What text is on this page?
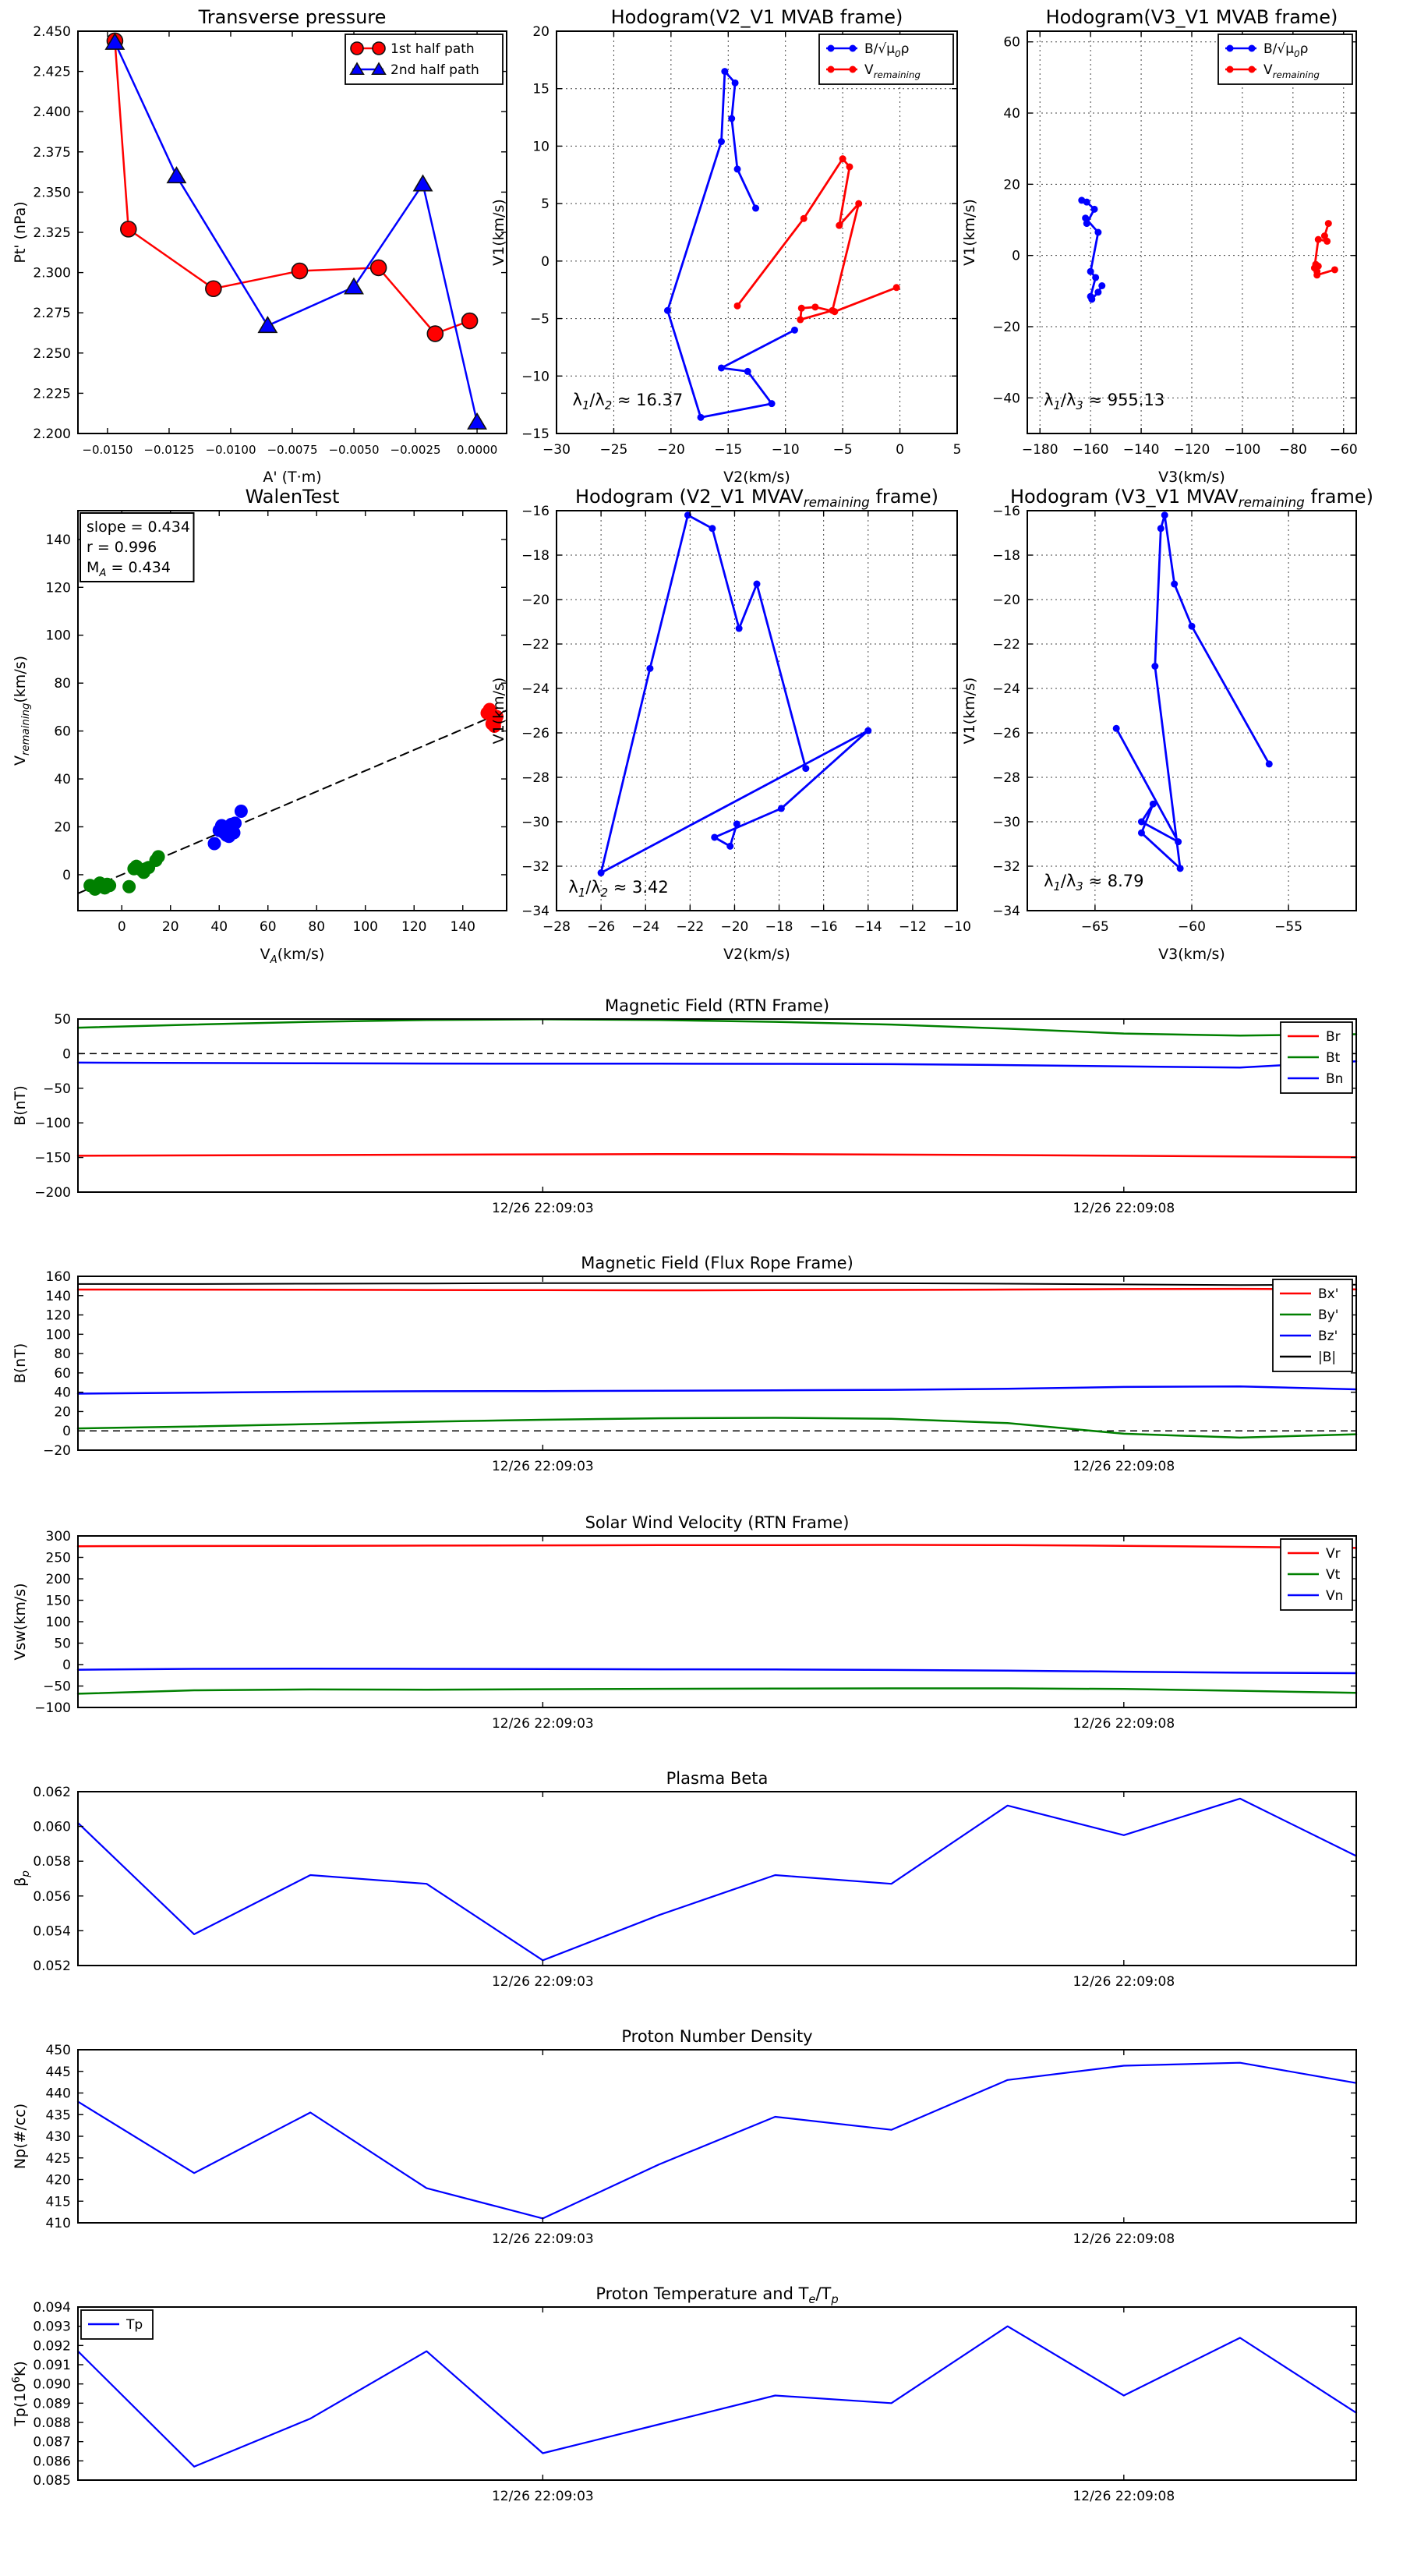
−0.0150 −0.0125 −0.0100 −0.0075 −0.0050 −0.0025 0.0000
2.200
2.225
2.250
2.275
2.300
2.325
2.350
2.375
2.400
2.425
2.450
A' (T·m)
Pt' (nPa)
Transverse pressure
1st half path
2nd half path
−30 −25 −20 −15 −10	−5	0	5
−15
−10
−5
0
5
10
15
20
V2(km/s)
V1(km/s)
Hodogram(V2_V1 MVAB frame)
$B/√\mu_0\rho$
$V_{remaining}$
$\lambda_1/\lambda_2 \approx 16.37$
−180 −160 −140 −120 −100 −80 −60
−40
−20
0
20
40
60
V3(km/s)
V1(km/s)
Hodogram(V3_V1 MVAB frame)
$B/√\mu_0\rho$
$V_{remaining}$
$\lambda_1/\lambda_3 \approx 955.13$
0	20 40 60 80 100 120 140
0
20
40
60
80
100
120
140
$V_A(km/s)$
$V_{remaining}(km/s)$
WalenTest
slope = 0.434
r = 0.996
$M_A = 0.434$
−28 −26 −24 −22 −20 −18 −16 −14 −12 −10
−34
−32
−30
−28
−26
−24
−22
−20
−18
−16
V2(km/s)
V1(km/s)
Hodogram (V2_V1 $MVAV_{remaining}$ frame)
$\lambda_1/\lambda_2 \approx 3.42$
−65	−60	−55
−34
−32
−30
−28
−26
−24
−22
−20
−18
−16
V3(km/s)
V1(km/s)
Hodogram (V3_V1 $MVAV_{remaining}$ frame)
$\lambda_1/\lambda_3 \approx 8.79$
12/26 22:09:03	12/26 22:09:08
50
0
−50
−100
−150
−200
B(nT)
Magnetic Field (RTN Frame)
Br
Bt
Bn
12/26 22:09:03	12/26 22:09:08
160
140
120
100
80
60
40
20
0
−20
B(nT)
Magnetic Field (Flux Rope Frame)
Bx'
By'
Bz'
|B|
12/26 22:09:03	12/26 22:09:08
300
250
200
150
100
50
0
−50
−100
Vsw(km/s)
Solar Wind Velocity (RTN Frame)
Vr
Vt
Vn
12/26 22:09:03	12/26 22:09:08
0.062
0.060
0.058
0.056
0.054
0.052
$\beta_p$
Plasma Beta
12/26 22:09:03	12/26 22:09:08
450
445
440
435
430
425
420
415
410
Np(#/cc)
Proton Number Density
12/26 22:09:03	12/26 22:09:08
0.094
0.093
0.092
0.091
0.090
0.089
0.088
0.087
0.086
0.085
$Tp(10^6K)$
Proton Temperature and $T_e/T_p$
Tp
